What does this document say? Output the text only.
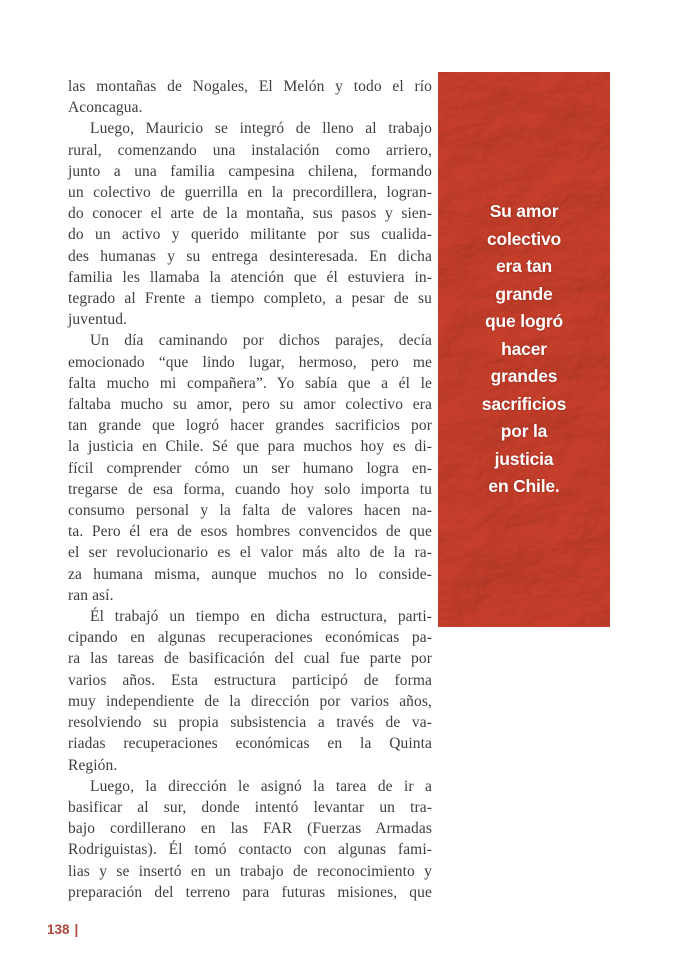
las montañas de Nogales, El Melón y todo el río
Aconcagua.
Luego, Mauricio se integró de lleno al trabajo
rural, comenzando una instalación como arriero,
junto a una familia campesina chilena, formando
un colectivo de guerrilla en la precordillera, logran-
do conocer el arte de la montaña, sus pasos y sien-
do un activo y querido militante por sus cualida-
des humanas y su entrega desinteresada. En dicha
familia les llamaba la atención que él estuviera in-
tegrado al Frente a tiempo completo, a pesar de su
juventud.
Un día caminando por dichos parajes, decía
emocionado “que lindo lugar, hermoso, pero me
falta mucho mi compañera”. Yo sabía que a él le
faltaba mucho su amor, pero su amor colectivo era
tan grande que logró hacer grandes sacrificios por
la justicia en Chile. Sé que para muchos hoy es di-
fícil comprender cómo un ser humano logra en-
tregarse de esa forma, cuando hoy solo importa tu
consumo personal y la falta de valores hacen na-
ta. Pero él era de esos hombres convencidos de que
el ser revolucionario es el valor más alto de la ra-
za humana misma, aunque muchos no lo conside-
ran así.
Él trabajó un tiempo en dicha estructura, parti-
cipando en algunas recuperaciones económicas pa-
ra las tareas de basificación del cual fue parte por
varios años. Esta estructura participó de forma
muy independiente de la dirección por varios años,
resolviendo su propia subsistencia a través de va-
riadas recuperaciones económicas en la Quinta
Región.
Luego, la dirección le asignó la tarea de ir a
basificar al sur, donde intentó levantar un tra-
bajo cordillerano en las FAR (Fuerzas Armadas
Rodriguistas). Él tomó contacto con algunas fami-
lias y se insertó en un trabajo de reconocimiento y
preparación del terreno para futuras misiones, que
Su amor
colectivo
era tan
grande
que logró
hacer
grandes
sacrificios
por la
justicia
en Chile.
138 |
